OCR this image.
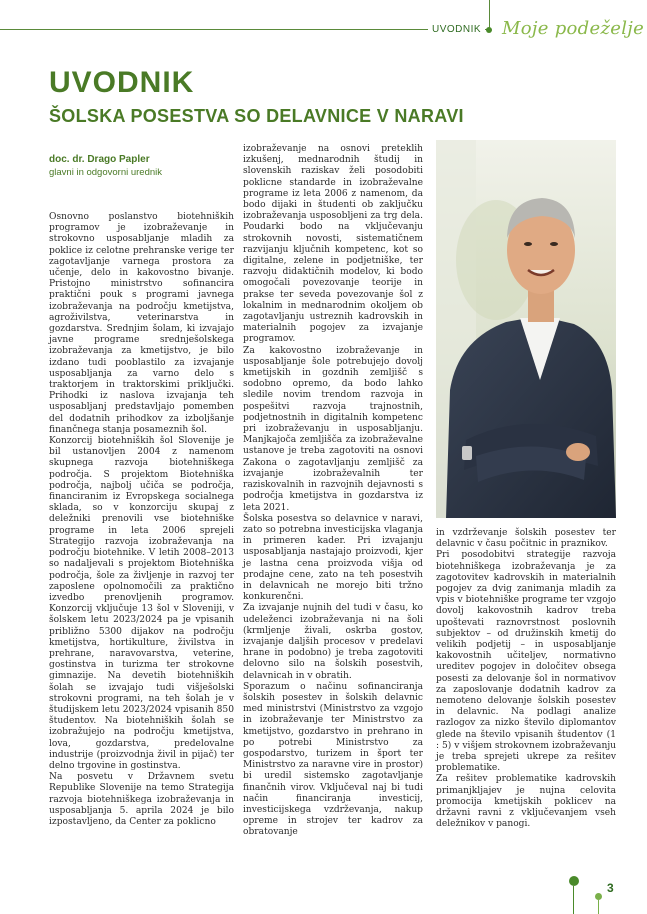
UVODNIK Moje podeželje
UVODNIK
ŠOLSKA POSESTVA SO DELAVNICE V NARAVI
doc. dr. Drago Papler
glavni in odgovorni urednik

Osnovno poslanstvo biotehniških programov je izobraževanje in strokovno usposabljanje mladih za poklice iz celotne prehranske verige ter zagotavljanje varnega prostora za učenje, delo in kakovostno bivanje. Pristojno ministrstvo sofinancira praktični pouk s programi javnega izobraževanja na področju kmetijstva, agroživilstva, veterinarstva in gozdarstva. Srednjim šolam, ki izvajajo javne programe srednješolskega izobraževanja za kmetijstvo, je bilo izdano tudi pooblastilo za izvajanje usposabljanja za varno delo s traktorjem in traktorskimi priključki. Prihodki iz naslova izvajanja teh usposabljanj predstavljajo pomemben del dodatnih prihodkov za izboljšanje finančnega stanja posameznih šol.

Konzorcij biotehniških šol Slovenije je bil ustanovljen 2004 z namenom skupnega razvoja biotehniškega področja. S projektom Biotehniška področja, najbolj učiča se področja, financiranim iz Evropskega socialnega sklada, so v konzorciju skupaj z deležniki prenovili vse biotehniške programe in leta 2006 sprejeli Strategijo razvoja izobraževanja na področju biotehnike. V letih 2008–2013 so nadaljevali s projektom Biotehniška področja, šole za življenje in razvoj ter zaposlene opolnomočili za praktično izvedbo prenovljenih programov. Konzorcij vključuje 13 šol v Sloveniji, v šolskem letu 2023/2024 pa je vpisanih približno 5300 dijakov na področju kmetijstva, hortikulture, živilstva in prehrane, naravovarstva, veterine, gostinstva in turizma ter strokovne gimnazije. Na devetih biotehniških šolah se izvajajo tudi višješolski strokovni programi, na teh šolah je v študijskem letu 2023/2024 vpisanih 850 študentov. Na biotehniških šolah se izobražujejo na področju kmetijstva, lova, gozdarstva, predelovalne industrije (proizvodnja živil in pijač) ter delno trgovine in gostinstva.

Na posvetu v Državnem svetu Republike Slovenije na temo Strategija razvoja biotehniškega izobraževanja in usposabljanja 5. aprila 2024 je bilo izpostavljeno, da Center za poklicno

izobraževanje na osnovi preteklih izkušenj, mednarodnih študij in slovenskih raziskav želi posodobiti poklicne standarde in izobraževalne programe iz leta 2006 z namenom, da bodo dijaki in študenti ob zaključku izobraževanja usposobljeni za trg dela. Poudarki bodo na vključevanju strokovnih novosti, sistematičnem razvijanju ključnih kompetenc, kot so digitalne, zelene in podjetniške, ter razvoju didaktičnih modelov, ki bodo omogočali povezovanje teorije in prakse ter seveda povezovanje šol z lokalnim in mednarodnim okoljem ob zagotavljanju ustreznih kadrovskih in materialnih pogojev za izvajanje programov.

Za kakovostno izobraževanje in usposabljanje šole potrebujejo dovolj kmetijskih in gozdnih zemljišč s sodobno opremo, da bodo lahko sledile novim trendom razvoja in pospešitvi razvoja trajnostnih, podjetnostnih in digitalnih kompetenc pri izobraževanju in usposabljanju. Manjkajoča zemljišča za izobraževalne ustanove je treba zagotoviti na osnovi Zakona o zagotavljanju zemljišč za izvajanje izobraževalnih ter raziskovalnih in razvojnih dejavnosti s področja kmetijstva in gozdarstva iz leta 2021.

Šolska posestva so delavnice v naravi, zato so potrebna investicijska vlaganja in primeren kader. Pri izvajanju usposabljanja nastajajo proizvodi, kjer je lastna cena proizvoda višja od prodajne cene, zato na teh posestvih in delavnicah ne morejo biti tržno konkurenčni.

Za izvajanje nujnih del tudi v času, ko udeleženci izobraževanja ni na šoli (krmljenje živali, oskrba gostov, izvajanje daljših procesov v predelavi hrane in podobno) je treba zagotoviti delovno silo na šolskih posestvih, delavnicah in v obratih.

Sporazum o načinu sofinanciranja šolskih posestev in šolskih delavnic med ministrstvi (Ministrstvo za vzgojo in izobraževanje ter Ministrstvo za kmetijstvo, gozdarstvo in prehrano in po potrebi Ministrstvo za gospodarstvo, turizem in šport ter Ministrstvo za naravne vire in prostor) bi uredil sistemsko zagotavljanje finančnih virov. Vključeval naj bi tudi način financiranja investicij, investicijskega vzdrževanja, nakup opreme in strojev ter kadrov za obratovanje

in vzdrževanje šolskih posestev ter delavnic v času počitnic in praznikov.

Pri posodobitvi strategije razvoja biotehniškega izobraževanja je za zagotovitev kadrovskih in materialnih pogojev za dvig zanimanja mladih za vpis v biotehniške programe ter vzgojo dovolj kakovostnih kadrov treba upoštevati raznovrstnost poslovnih subjektov – od družinskih kmetij do velikih podjetij – in usposabljanje kakovostnih učiteljev, normativno ureditev pogojev in določitev obsega posesti za delovanje šol in normativov za zaposlovanje dodatnih kadrov za nemoteno delovanje šolskih posestev in delavnic. Na podlagi analize razlogov za nizko število diplomantov glede na število vpisanih študentov (1 : 5) v višjem strokovnem izobraževanju je treba sprejeti ukrepe za rešitev problematike.

Za rešitev problematike kadrovskih primanjkljajev je nujna celovita promocija kmetijskih poklicev na državni ravni z vključevanjem vseh deležnikov v panogi.

3
